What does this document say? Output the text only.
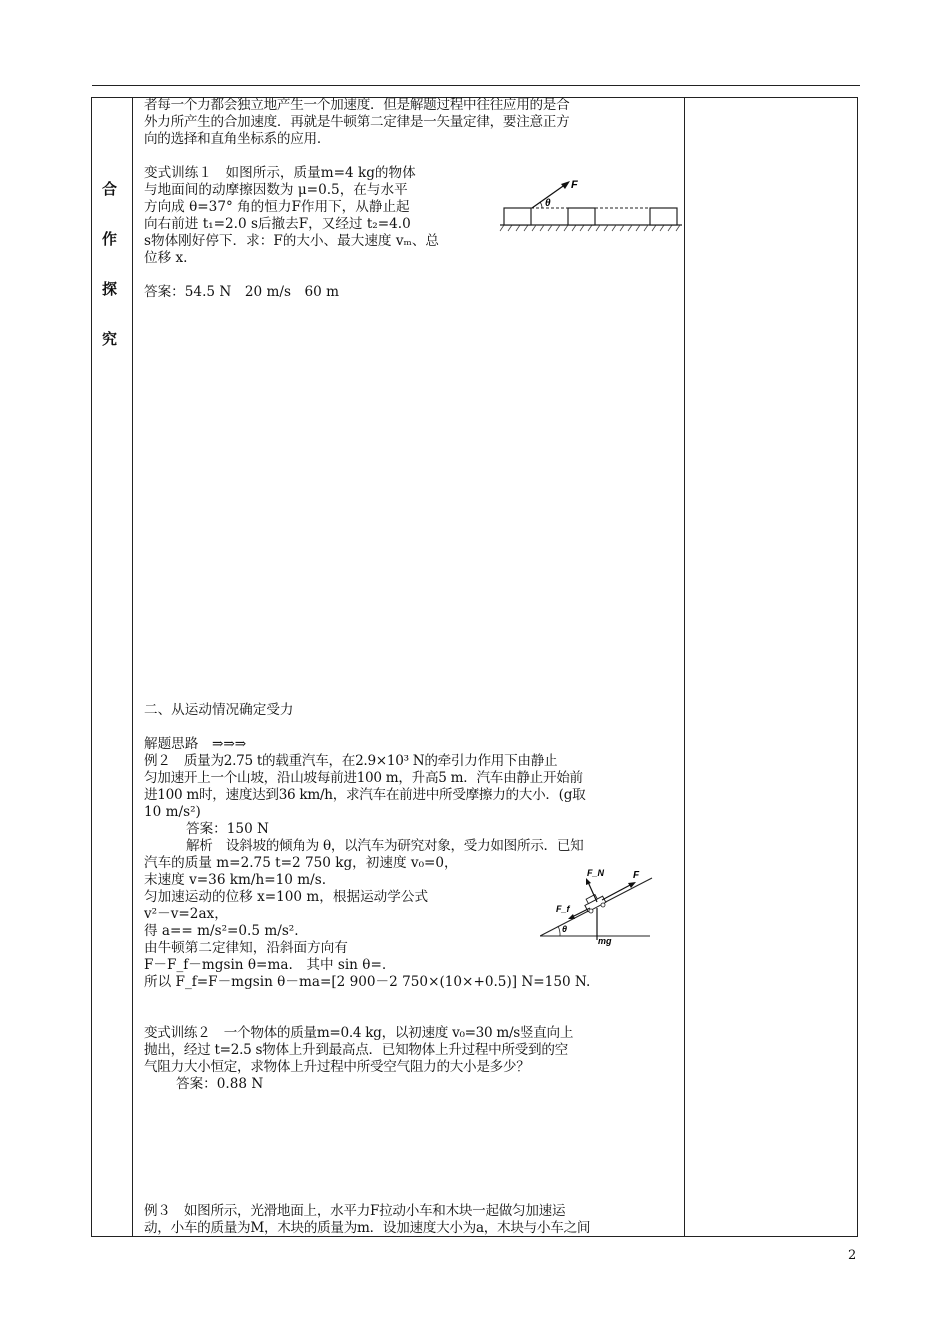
合
作
探
究
者每一个力都会独立地产生一个加速度．但是解题过程中往往应用的是合
外力所产生的合加速度．再就是牛顿第二定律是一矢量定律，要注意正方
向的选择和直角坐标系的应用．
变式训练１　如图所示，质量m=4 kg的物体
与地面间的动摩擦因数为 μ=0.5，在与水平
方向成 θ=37° 角的恒力F作用下，从静止起
向右前进 t₁=2.0 s后撤去F，又经过 t₂=4.0
s物体刚好停下．求：F的大小、最大速度 vₘ、总
位移 x.
答案：54.5 N　20 m/s　60 m
F
θ
二、从运动情况确定受力
解题思路　⇒⇒⇒
例２　质量为2.75 t的载重汽车，在2.9×10³ N的牵引力作用下由静止
匀加速开上一个山坡，沿山坡每前进100 m，升高5 m．汽车由静止开始前
进100 m时，速度达到36 km/h，求汽车在前进中所受摩擦力的大小．(g取
10 m/s²)
答案：150 N
解析　设斜坡的倾角为 θ，以汽车为研究对象，受力如图所示．已知
汽车的质量 m=2.75 t=2 750 kg，初速度 v₀=0，
末速度 v=36 km/h=10 m/s.
匀加速运动的位移 x=100 m，根据运动学公式
v²－v=2ax，
得 a== m/s²=0.5 m/s².
由牛顿第二定律知，沿斜面方向有
F－F_f－mgsin θ=ma.　其中 sin θ=.
所以 F_f=F－mgsin θ－ma=[2 900－2 750×(10×+0.5)] N=150 N.
θ
F_N	F
F_f
mg
变式训练２　一个物体的质量m=0.4 kg，以初速度 v₀=30 m/s竖直向上
抛出，经过 t=2.5 s物体上升到最高点．已知物体上升过程中所受到的空
气阻力大小恒定，求物体上升过程中所受空气阻力的大小是多少？
答案：0.88 N
例３　如图所示，光滑地面上，水平力F拉动小车和木块一起做匀加速运
动，小车的质量为M，木块的质量为m．设加速度大小为a，木块与小车之间
2
